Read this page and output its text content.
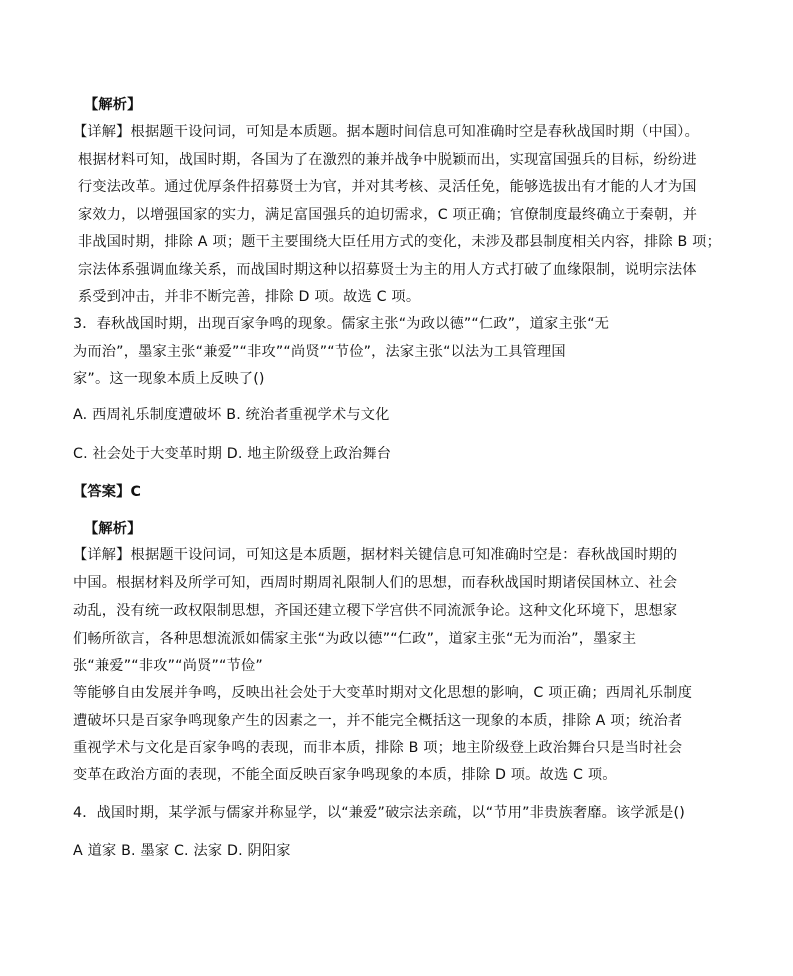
【解析】
【详解】根据题干设问词，可知是本质题。据本题时间信息可知准确时空是春秋战国时期（中国）。
根据材料可知，战国时期，各国为了在激烈的兼并战争中脱颖而出，实现富国强兵的目标，纷纷进
行变法改革。通过优厚条件招募贤士为官，并对其考核、灵活任免，能够选拔出有才能的人才为国
家效力，以增强国家的实力，满足富国强兵的迫切需求，C 项正确；官僚制度最终确立于秦朝，并
非战国时期，排除 A 项；题干主要围绕大臣任用方式的变化，未涉及郡县制度相关内容，排除 B 项；
宗法体系强调血缘关系，而战国时期这种以招募贤士为主的用人方式打破了血缘限制，说明宗法体
系受到冲击，并非不断完善，排除 D 项。故选 C 项。
3．春秋战国时期，出现百家争鸣的现象。儒家主张“为政以德”“仁政”，道家主张“无
为而治”，墨家主张“兼爱”“非攻”“尚贤”“节俭”，法家主张“以法为工具管理国
家”。这一现象本质上反映了()
A. 西周礼乐制度遭破坏 B. 统治者重视学术与文化
C. 社会处于大变革时期 D. 地主阶级登上政治舞台
【答案】C
【解析】
【详解】根据题干设问词，可知这是本质题，据材料关键信息可知准确时空是：春秋战国时期的
中国。根据材料及所学可知，西周时期周礼限制人们的思想，而春秋战国时期诸侯国林立、社会
动乱，没有统一政权限制思想，齐国还建立稷下学宫供不同流派争论。这种文化环境下，思想家
们畅所欲言，各种思想流派如儒家主张“为政以德”“仁政”，道家主张“无为而治”，墨家主
张“兼爱”“非攻”“尚贤”“节俭”
等能够自由发展并争鸣，反映出社会处于大变革时期对文化思想的影响，C 项正确；西周礼乐制度
遭破坏只是百家争鸣现象产生的因素之一，并不能完全概括这一现象的本质，排除 A 项；统治者
重视学术与文化是百家争鸣的表现，而非本质，排除 B 项；地主阶级登上政治舞台只是当时社会
变革在政治方面的表现，不能全面反映百家争鸣现象的本质，排除 D 项。故选 C 项。
4．战国时期，某学派与儒家并称显学，以“兼爱”破宗法亲疏，以“节用”非贵族奢靡。该学派是()
A 道家 B. 墨家 C. 法家 D. 阴阳家
